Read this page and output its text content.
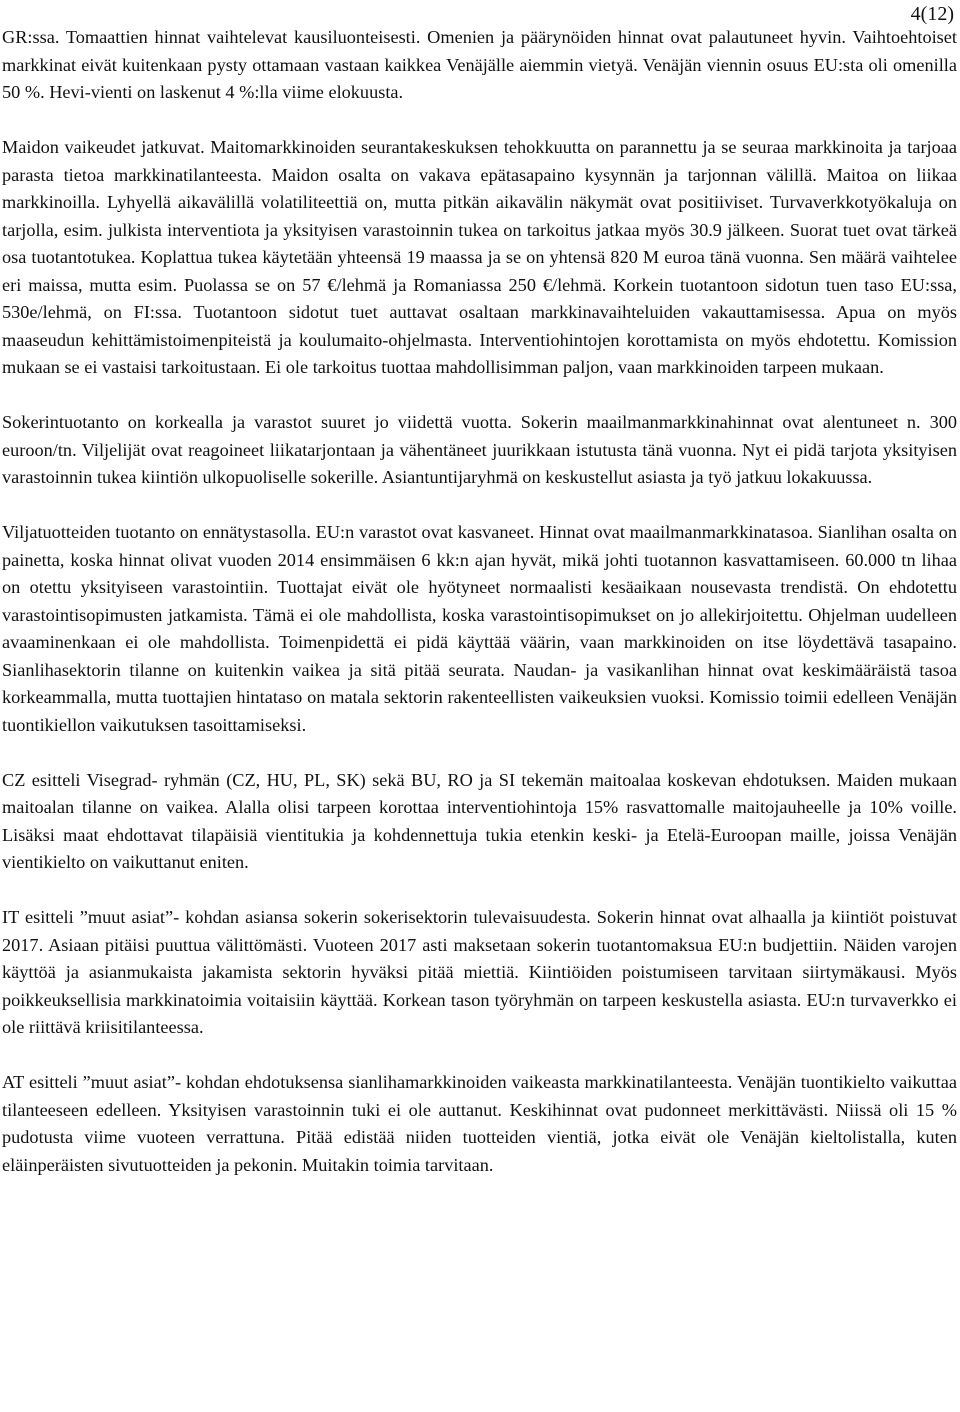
4(12)

GR:ssa. Tomaattien hinnat vaihtelevat kausiluonteisesti. Omenien ja päärynöiden hinnat ovat palautuneet hyvin. Vaihtoehtoiset markkinat eivät kuitenkaan pysty ottamaan vastaan kaikkea Venäjälle aiemmin vietyä. Venäjän viennin osuus EU:sta oli omenilla 50 %. Hevi-vienti on laskenut 4 %:lla viime elokuusta.

Maidon vaikeudet jatkuvat. Maitomarkkinoiden seurantakeskuksen tehokkuutta on parannettu ja se seuraa markkinoita ja tarjoaa parasta tietoa markkinatilanteesta. Maidon osalta on vakava epätasapaino kysynnän ja tarjonnan välillä. Maitoa on liikaa markkinoilla. Lyhyellä aikavälillä volatiliteettiä on, mutta pitkän aikavälin näkymät ovat positiiviset. Turvaverkkotyökaluja on tarjolla, esim. julkista interventiota ja yksityisen varastoinnin tukea on tarkoitus jatkaa myös 30.9 jälkeen. Suorat tuet ovat tärkeä osa tuotantotukea. Koplattua tukea käytetään yhteensä 19 maassa ja se on yhtensä 820 M euroa tänä vuonna. Sen määrä vaihtelee eri maissa, mutta esim. Puolassa se on 57 €/lehmä ja Romaniassa 250 €/lehmä. Korkein tuotantoon sidotun tuen taso EU:ssa, 530e/lehmä, on FI:ssa. Tuotantoon sidotut tuet auttavat osaltaan markkinavaihteluiden vakauttamisessa. Apua on myös maaseudun kehittämistoimenpiteistä ja koulumaito-ohjelmasta. Interventiohintojen korottamista on myös ehdotettu. Komission mukaan se ei vastaisi tarkoitustaan. Ei ole tarkoitus tuottaa mahdollisimman paljon, vaan markkinoiden tarpeen mukaan.

Sokerintuotanto on korkealla ja varastot suuret jo viidettä vuotta. Sokerin maailmanmarkkinahinnat ovat alentuneet n. 300 euroon/tn. Viljelijät ovat reagoineet liikatarjontaan ja vähentäneet juurikkaan istutusta tänä vuonna. Nyt ei pidä tarjota yksityisen varastoinnin tukea kiintiön ulkopuoliselle sokerille. Asiantuntijaryhmä on keskustellut asiasta ja työ jatkuu lokakuussa.

Viljatuotteiden tuotanto on ennätystasolla. EU:n varastot ovat kasvaneet. Hinnat ovat maailmanmarkkinatasoa. Sianlihan osalta on painetta, koska hinnat olivat vuoden 2014 ensimmäisen 6 kk:n ajan hyvät, mikä johti tuotannon kasvattamiseen. 60.000 tn lihaa on otettu yksityiseen varastointiin. Tuottajat eivät ole hyötyneet normaalisti kesäaikaan nousevasta trendistä. On ehdotettu varastointisopimusten jatkamista. Tämä ei ole mahdollista, koska varastointisopimukset on jo allekirjoitettu. Ohjelman uudelleen avaaminenkaan ei ole mahdollista. Toimenpidettä ei pidä käyttää väärin, vaan markkinoiden on itse löydettävä tasapaino. Sianlihasektorin tilanne on kuitenkin vaikea ja sitä pitää seurata. Naudan- ja vasikanlihan hinnat ovat keskimääräistä tasoa korkeammalla, mutta tuottajien hintataso on matala sektorin rakenteellisten vaikeuksien vuoksi. Komissio toimii edelleen Venäjän tuontikiellon vaikutuksen tasoittamiseksi.

CZ esitteli Visegrad- ryhmän (CZ, HU, PL, SK) sekä BU, RO ja SI tekemän maitoalaa koskevan ehdotuksen. Maiden mukaan maitoalan tilanne on vaikea. Alalla olisi tarpeen korottaa interventiohintoja 15% rasvattomalle maitojauheelle ja 10% voille. Lisäksi maat ehdottavat tilapäisiä vientitukia ja kohdennettuja tukia etenkin keski- ja Etelä-Euroopan maille, joissa Venäjän vientikielto on vaikuttanut eniten.

IT esitteli ”muut asiat”- kohdan asiansa sokerin sokerisektorin tulevaisuudesta. Sokerin hinnat ovat alhaalla ja kiintiöt poistuvat 2017. Asiaan pitäisi puuttua välittömästi. Vuoteen 2017 asti maksetaan sokerin tuotantomaksua EU:n budjettiin. Näiden varojen käyttöä ja asianmukaista jakamista sektorin hyväksi pitää miettiä. Kiintiöiden poistumiseen tarvitaan siirtymäkausi. Myös poikkeuksellisia markkinatoimia voitaisiin käyttää. Korkean tason työryhmän on tarpeen keskustella asiasta. EU:n turvaverkko ei ole riittävä kriisitilanteessa.

AT esitteli ”muut asiat”- kohdan ehdotuksensa sianlihamarkkinoiden vaikeasta markkinatilanteesta. Venäjän tuontikielto vaikuttaa tilanteeseen edelleen. Yksityisen varastoinnin tuki ei ole auttanut. Keskihinnat ovat pudonneet merkittävästi. Niissä oli 15 % pudotusta viime vuoteen verrattuna. Pitää edistää niiden tuotteiden vientiä, jotka eivät ole Venäjän kieltolistalla, kuten eläinperäisten sivutuotteiden ja pekonin. Muitakin toimia tarvitaan.
